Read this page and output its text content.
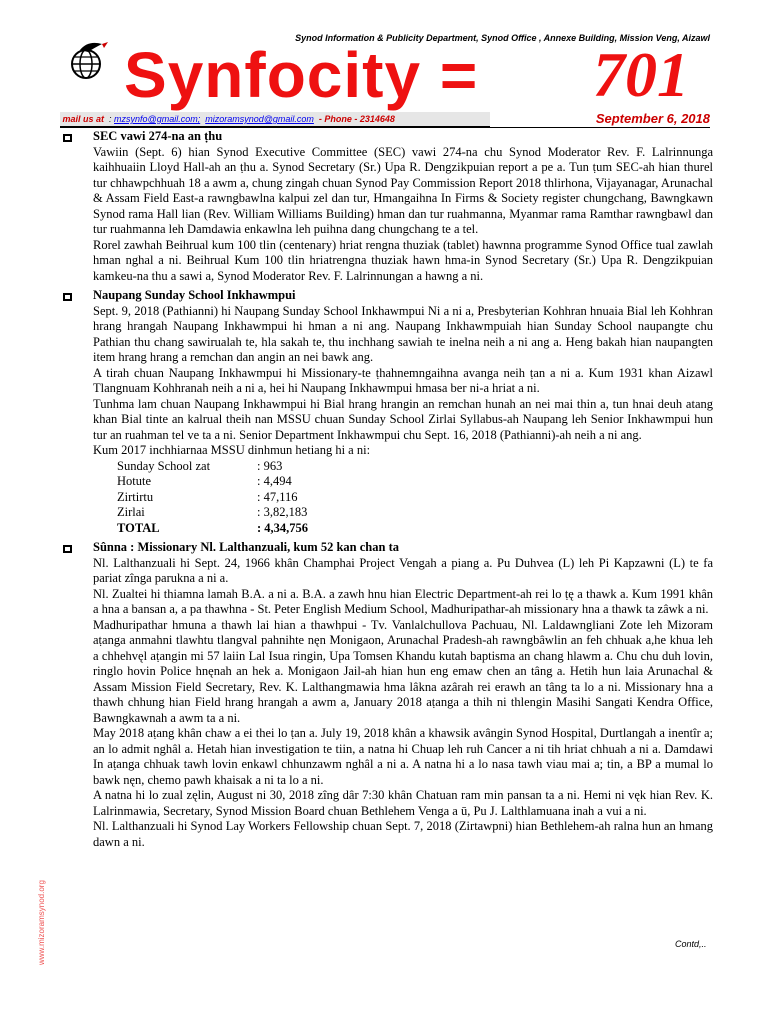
Synod Information & Publicity Department, Synod Office , Annexe Building, Mission Veng, Aizawl
Synfocity = 701
mail us at  : mzsynfo@gmail.com; mizoramsynod@gmail.com - Phone - 2314648	September 6, 2018
SEC vawi 274-na an ṭhu

Vawiin (Sept. 6) hian Synod Executive Committee (SEC) vawi 274-na chu Synod Moderator Rev. F. Lalrinnunga kaihhuaiin Lloyd Hall-ah an ṭhu a. Synod Secretary (Sr.) Upa R. Dengzikpuian report a pe a. Tun ṭum SEC-ah hian thurel tur chhawpchhuah 18 a awm a, chung zingah chuan Synod Pay Commission Report 2018 thlirhona, Vijayanagar, Arunachal & Assam Field East-a rawngbawlna kalpui zel dan tur, Hmangaihna In Firms & Society register chungchang, Bawngkawn Synod rama Hall lian (Rev. William Williams Building) hman dan tur ruahmanna, Myanmar rama Ramthar rawngbawl dan tur ruahmanna leh Damdawia enkawlna leh puihna dang chungchang te a tel.

Rorel zawhah Beihrual kum 100 tlin (centenary) hriat rengna thuziak (tablet) hawnna programme Synod Office tual zawlah hman nghal a ni. Beihrual Kum 100 tlin hriatrengna thuziak hawn hma-in Synod Secretary (Sr.) Upa R. Dengzikpuian kamkeu-na thu a sawi a, Synod Moderator Rev. F. Lalrinnungan a hawng a ni.

Naupang Sunday School Inkhawmpui

Sept. 9, 2018 (Pathianni) hi Naupang Sunday School Inkhawmpui Ni a ni a, Presbyterian Kohhran hnuaia Bial leh Kohhran hrang hrangah Naupang Inkhawmpui hi hman a ni ang. Naupang Inkhawmpuiah hian Sunday School naupangte chu Pathian thu chang sawirualah te, hla sakah te, thu inchhang sawiah te inelna neih a ni ang a. Heng bakah hian naupangten item hrang hrang a remchan dan angin an nei bawk ang.

A tirah chuan Naupang Inkhawmpui hi Missionary-te ṭhahnemngaihna avanga neih ṭan a ni a. Kum 1931 khan Aizawl Tlangnuam Kohhranah neih a ni a, hei hi Naupang Inkhawmpui hmasa ber ni-a hriat a ni.

Tunhma lam chuan Naupang Inkhawmpui hi Bial hrang hrangin an remchan hunah an nei mai thin a, tun hnai deuh atang khan Bial tinte an kalrual theih nan MSSU chuan Sunday School Zirlai Syllabus-ah Naupang leh Senior Inkhawmpui hun tur an ruahman tel ve ta a ni. Senior Department Inkhawmpui chu Sept. 16, 2018 (Pathianni)-ah neih a ni ang.

Kum 2017 inchhiarnaa MSSU dinhmun hetiang hi a ni:

Sunday School zat	: 963
Hotute	: 4,494
Zirtirtu	: 47,116
Zirlai	: 3,82,183
TOTAL	: 4,34,756
Sûnna : Missionary Nl. Lalthanzuali, kum 52 kan chan ta

Nl. Lalthanzuali hi Sept. 24, 1966 khân Champhai Project Vengah a piang a. Pu Duhvea (L) leh Pi Kapzawni (L) te fa pariat zînga parukna a ni a.

Nl. Zualtei hi thiamna lamah B.A. a ni a. B.A. a zawh hnu hian Electric Department-ah rei lo ṭę a thawk a. Kum 1991 khân a hna a bansan a, a pa thawhna - St. Peter English Medium School, Madhuripathar-ah missionary hna a thawk ta zâwk a ni.

Madhuripathar hmuna a thawh lai hian a thawhpui - Tv. Vanlalchullova Pachuau, Nl. Laldawngliani Zote leh Mizoram aṭanga anmahni tlawhtu tlangval pahnihte nęn Monigaon, Arunachal Pradesh-ah rawngbâwlin an feh chhuak a,he khua leh a chhehvęl aṭangin mi 57 laiin Lal Isua ringin, Upa Tomsen Khandu kutah baptisma an chang hlawm a. Chu chu duh lovin, ringlo hovin Police hnęnah an hek a. Monigaon Jail-ah hian hun eng emaw chen an tâng a. Hetih hun laia Arunachal & Assam Mission Field Secretary, Rev. K. Lalthangmawia hma lâkna azârah rei erawh an tâng ta lo a ni. Missionary hna a thawh chhung hian Field hrang hrangah a awm a, January 2018 aṭanga a thih ni thlengin Masihi Sangati Kendra Office, Bawngkawnah a awm ta a ni.

May 2018 aṭang khân chaw a ei thei lo ṭan a. July 19, 2018 khân a khawsik avângin Synod Hospital, Durtlangah a inentîr a; an lo admit nghâl a. Hetah hian investigation te tiin, a natna hi Chuap leh ruh Cancer a ni tih hriat chhuah a ni a. Damdawi In aṭanga chhuak tawh lovin enkawl chhunzawm nghâl a ni a. A natna hi a lo nasa tawh viau mai a; tin, a BP a mumal lo bawk nęn, chemo pawh khaisak a ni ta lo a ni.

A natna hi lo zual zęlin, August ni 30, 2018 zîng dâr 7:30 khân Chatuan ram min pansan ta a ni. Hemi ni vęk hian Rev. K. Lalrinmawia, Secretary, Synod Mission Board chuan Bethlehem Venga a ū, Pu J. Lalthlamuana inah a vui a ni.

Nl. Lalthanzuali hi Synod Lay Workers Fellowship chuan Sept. 7, 2018 (Zirtawpni) hian Bethlehem-ah ralna hun an hmang dawn a ni.

Contd,..
www.mizoramsynod.org
